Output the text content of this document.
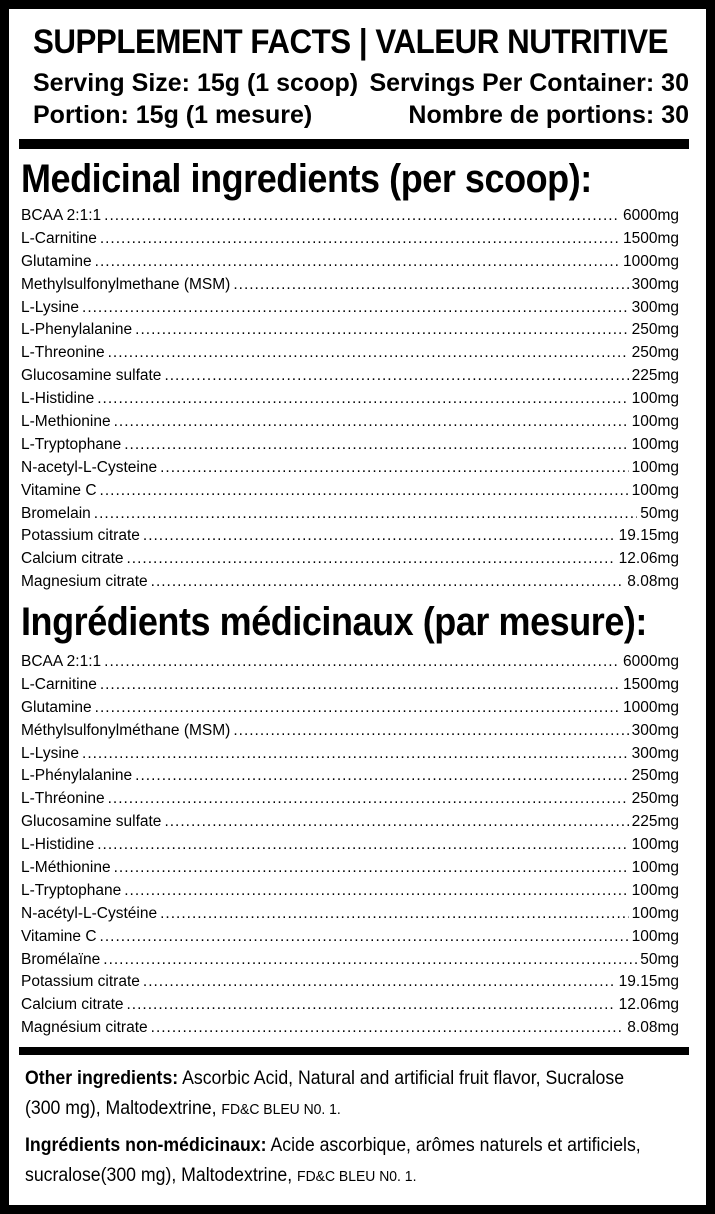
SUPPLEMENT FACTS | VALEUR NUTRITIVE
Serving Size: 15g (1 scoop) Servings Per Container: 30
Portion: 15g (1 mesure)	Nombre de portions: 30
Medicinal ingredients (per scoop):
BCAA 2:1:1 .....	6000mg
L-Carnitine .....	1500mg
Glutamine .....	1000mg
Methylsulfonylmethane (MSM) .....	300mg
L-Lysine .....	300mg
L-Phenylalanine .....	250mg
L-Threonine .....	250mg
Glucosamine sulfate .....	225mg
L-Histidine .....	100mg
L-Methionine .....	100mg
L-Tryptophane .....	100mg
N-acetyl-L-Cysteine .....	100mg
Vitamine C .....	100mg
Bromelain .....	50mg
Potassium citrate .....	19.15mg
Calcium citrate .....	12.06mg
Magnesium citrate .....	8.08mg
Ingrédients médicinaux (par mesure):
BCAA 2:1:1 .....	6000mg
L-Carnitine .....	1500mg
Glutamine .....	1000mg
Méthylsulfonylméthane (MSM) .....	300mg
L-Lysine .....	300mg
L-Phénylalanine .....	250mg
L-Thréonine .....	250mg
Glucosamine sulfate .....	225mg
L-Histidine .....	100mg
L-Méthionine .....	100mg
L-Tryptophane .....	100mg
N-acétyl-L-Cystéine .....	100mg
Vitamine C .....	100mg
Bromélaïne .....	50mg
Potassium citrate .....	19.15mg
Calcium citrate .....	12.06mg
Magnésium citrate .....	8.08mg
Other ingredients: Ascorbic Acid, Natural and artificial fruit flavor, Sucralose (300 mg), Maltodextrine, FD&C BLEU N0. 1.
Ingrédients non-médicinaux: Acide ascorbique, arômes naturels et artificiels, sucralose(300 mg), Maltodextrine, FD&C BLEU N0. 1.
